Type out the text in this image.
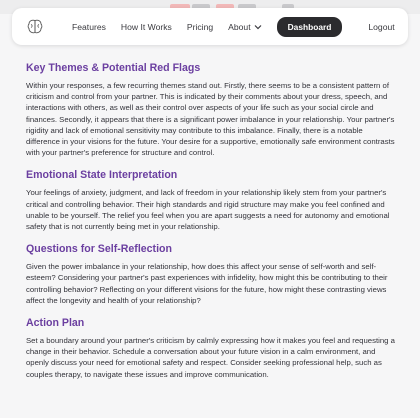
Features How It Works Pricing About	Dashboard	Logout
Key Themes & Potential Red Flags

Within your responses, a few recurring themes stand out. Firstly, there seems to be a consistent pattern of criticism and control from your partner. This is indicated by their comments about your dress, speech, and interactions with others, as well as their control over aspects of your life such as your social circle and finances. Secondly, it appears that there is a significant power imbalance in your relationship. Your partner's rigidity and lack of emotional sensitivity may contribute to this imbalance. Finally, there is a notable difference in your visions for the future. Your desire for a supportive, emotionally safe environment contrasts with your partner's preference for structure and control.

Emotional State Interpretation

Your feelings of anxiety, judgment, and lack of freedom in your relationship likely stem from your partner's critical and controlling behavior. Their high standards and rigid structure may make you feel confined and unable to be yourself. The relief you feel when you are apart suggests a need for autonomy and emotional safety that is not currently being met in your relationship.

Questions for Self-Reflection

Given the power imbalance in your relationship, how does this affect your sense of self-worth and self-esteem? Considering your partner's past experiences with infidelity, how might this be contributing to their controlling behavior? Reflecting on your different visions for the future, how might these contrasting views affect the longevity and health of your relationship?

Action Plan

Set a boundary around your partner's criticism by calmly expressing how it makes you feel and requesting a change in their behavior. Schedule a conversation about your future vision in a calm environment, and openly discuss your need for emotional safety and respect. Consider seeking professional help, such as couples therapy, to navigate these issues and improve communication.
